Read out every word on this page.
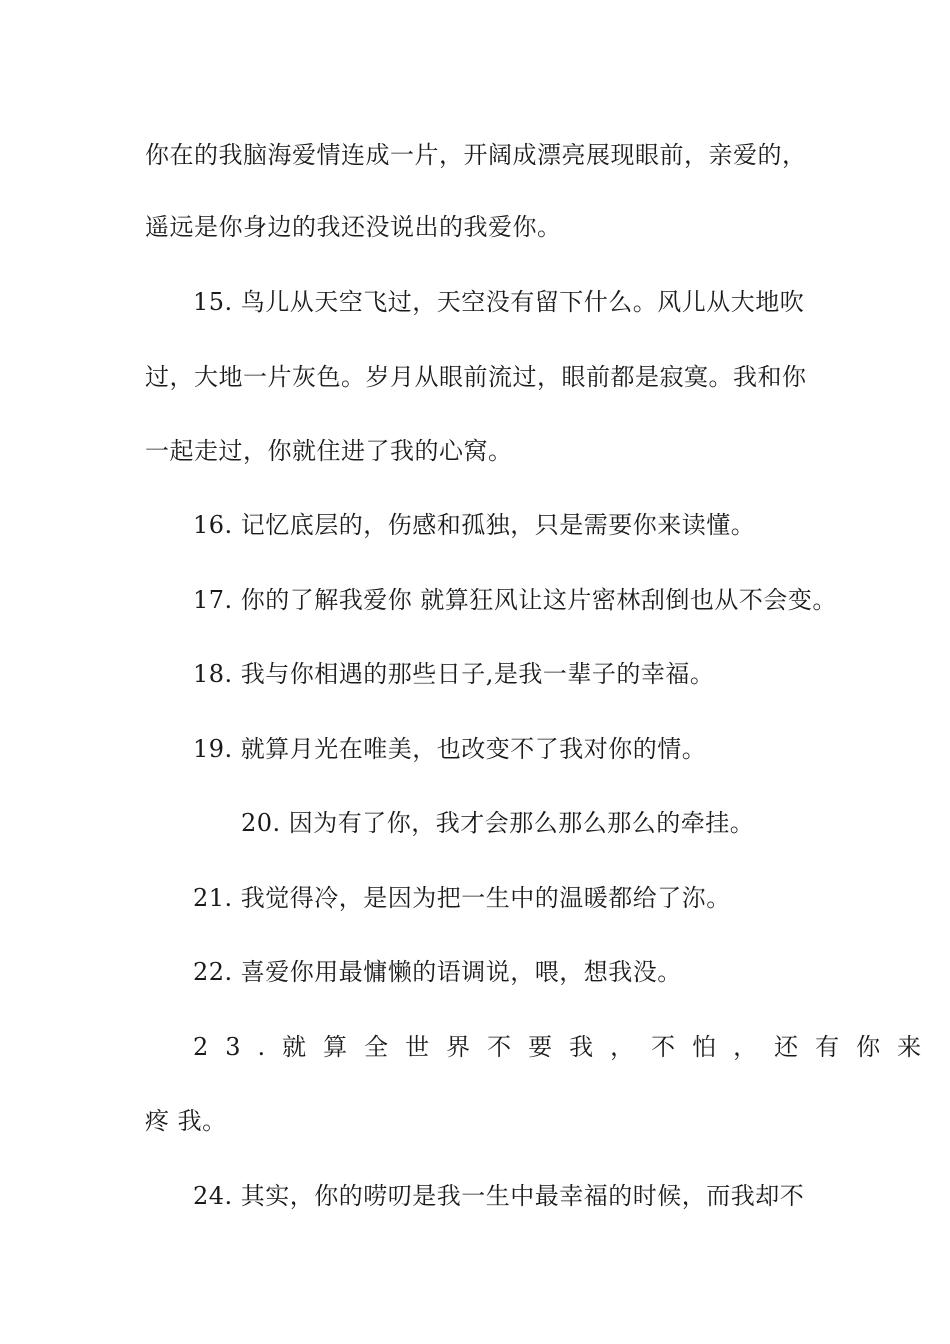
你在的我脑海爱情连成一片，开阔成漂亮展现眼前，亲爱的，
遥远是你身边的我还没说出的我爱你。
15. 鸟儿从天空飞过，天空没有留下什么。风儿从大地吹
过，大地一片灰色。岁月从眼前流过，眼前都是寂寞。我和你
一起走过，你就住进了我的心窝。
16. 记忆底层的，伤感和孤独，只是需要你来读懂。
17. 你的了解我爱你 就算狂风让这片密林刮倒也从不会变。
18. 我与你相遇的那些日子,是我一辈子的幸福。
19. 就算月光在唯美，也改变不了我对你的情。
20. 因为有了你，我才会那么那么那么的牵挂。
21. 我觉得冷，是因为把一生中的温暖都给了沵。
22. 喜爱你用最慵懒的语调说，喂，想我没。
23.就算全世界不要我，不怕，还有你来
疼 我。
24. 其实，你的唠叨是我一生中最幸福的时候，而我却不
